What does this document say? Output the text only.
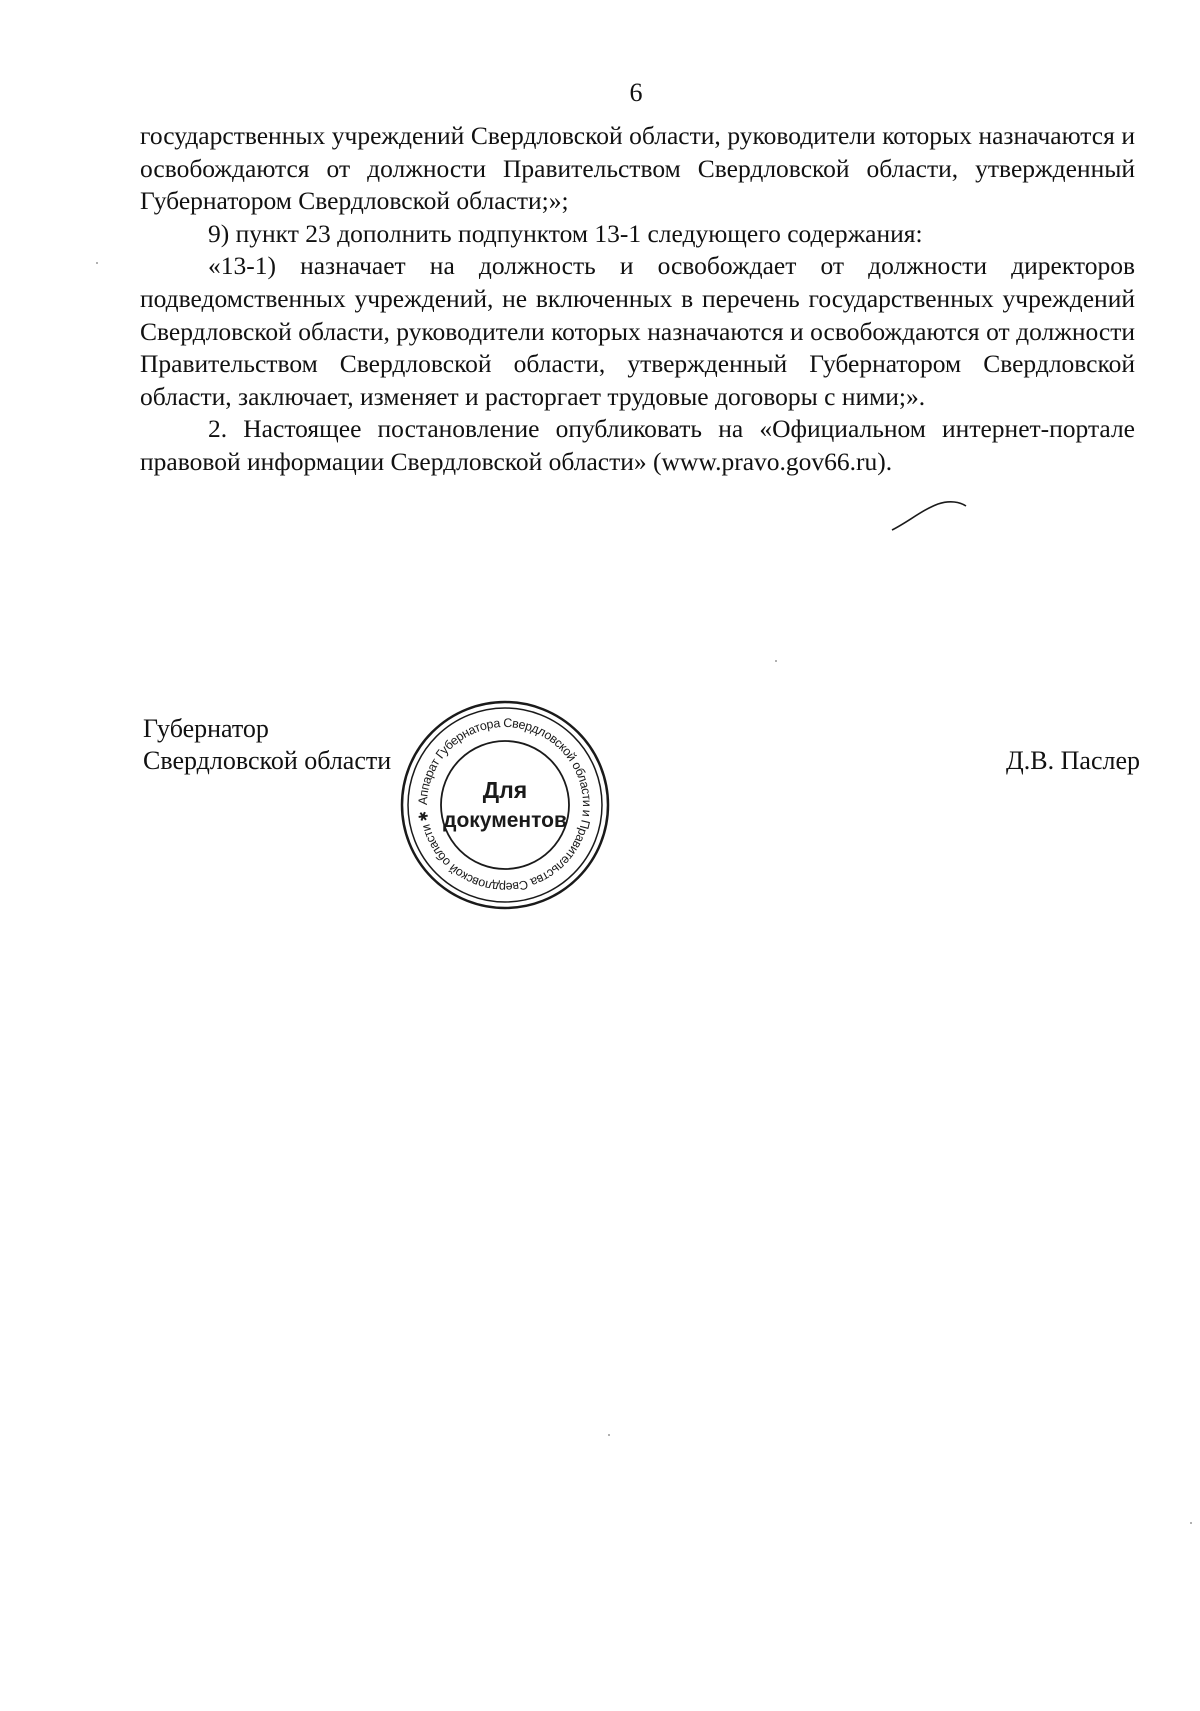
6

государственных учреждений Свердловской области, руководители которых назначаются и освобождаются от должности Правительством Свердловской области, утвержденный Губернатором Свердловской области;»;

9) пункт 23 дополнить подпунктом 13-1 следующего содержания:

«13-1) назначает на должность и освобождает от должности директоров подведомственных учреждений, не включенных в перечень государственных учреждений Свердловской области, руководители которых назначаются и освобождаются от должности Правительством Свердловской области, утвержденный Губернатором Свердловской области, заключает, изменяет и расторгает трудовые договоры с ними;».

2. Настоящее постановление опубликовать на «Официальном интернет-портале правовой информации Свердловской области» (www.pravo.gov66.ru).

Губернатор
Свердловской области	Д.В. Паслер
Аппарат Губернатора Свердловской области и Правительства Свердловской области ✱
Для
документов
